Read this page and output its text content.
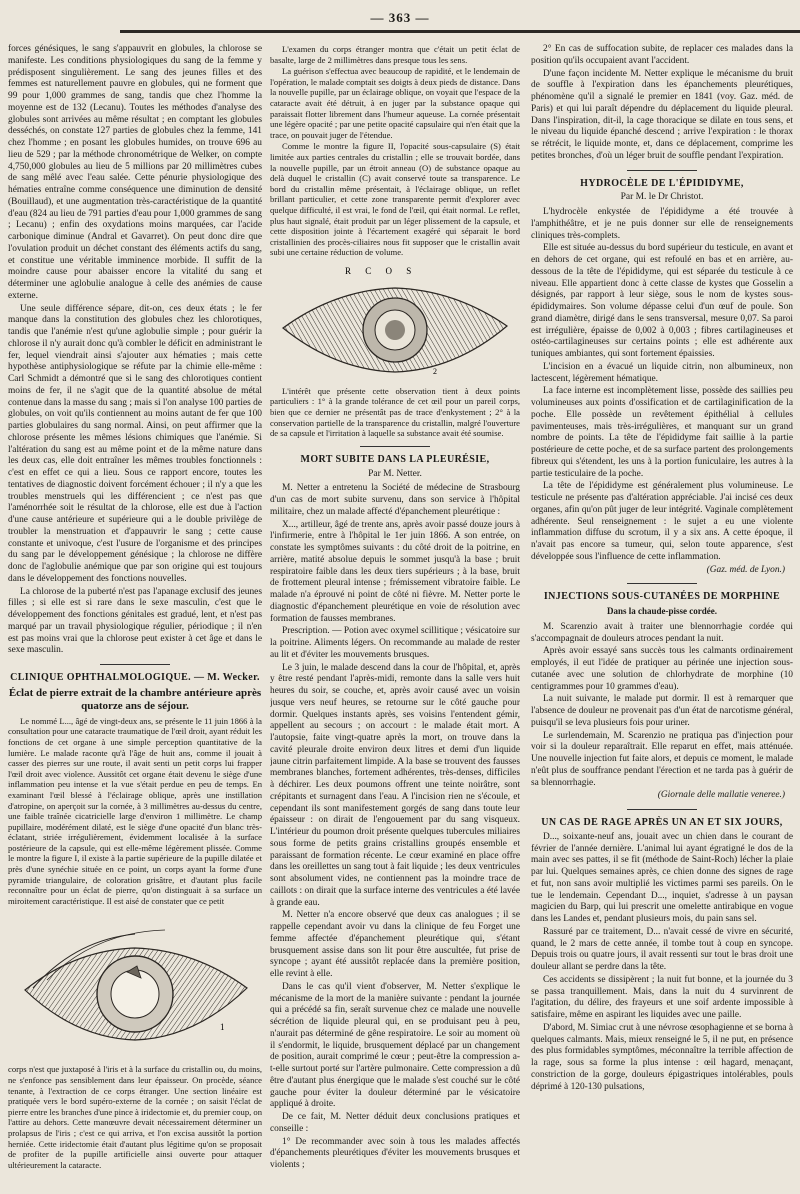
— 363 —

forces génésiques, le sang s'appauvrit en globules, la chlorose se manifeste. Les conditions physiologiques du sang de la femme y prédisposent singulièrement. Le sang des jeunes filles et des femmes est naturellement pauvre en globules, qui ne forment que 99 pour 1,000 grammes de sang, tandis que chez l'homme la moyenne est de 132 (Lecanu). Toutes les méthodes d'analyse des globules sont arrivées au même résultat ; en comptant les globules desséchés, on constate 127 parties de globules chez la femme, 141 chez l'homme ; en posant les globules humides, on trouve 696 au lieu de 529 ; par la méthode chronométrique de Welker, on compte 4,750,000 globules au lieu de 5 millions par 20 millimètres cubes de sang mêlé avec l'eau salée. Cette pénurie physiologique des hématies entraîne comme conséquence une diminution de densité (Bouillaud), et une augmentation très-caractéristique de la quantité d'eau (824 au lieu de 791 parties d'eau pour 1,000 grammes de sang ; Lecanu) ; enfin des oxydations moins marquées, car l'acide carbonique diminue (Andral et Gavarret). On peut donc dire que l'ovulation produit un déchet constant des éléments actifs du sang, et constitue une véritable imminence morbide. Il suffit de la moindre cause pour abaisser encore la vitalité du sang et déterminer une aglobulie analogue à celle des anémies de cause externe.

Une seule différence sépare, dit-on, ces deux états ; le fer manque dans la constitution des globules chez les chlorotiques, tandis que l'anémie n'est qu'une aglobulie simple ; pour guérir la chlorose il n'y aurait donc qu'à combler le déficit en administrant le fer, lequel viendrait ainsi s'ajouter aux hématies ; mais cette hypothèse antiphysiologique se réfute par la chimie elle-même : Carl Schmidt a démontré que si le sang des chlorotiques contient moins de fer, il ne s'agit que de la quantité absolue de métal contenue dans la masse du sang ; mais si l'on analyse 100 parties de globules, on voit qu'ils contiennent au moins autant de fer que 100 parties globulaires du sang normal. Ainsi, on peut affirmer que la chlorose présente les mêmes lésions chimiques que l'anémie. Si l'altération du sang est au même point et de la même nature dans les deux cas, elle doit entraîner les mêmes troubles fonctionnels : c'est en effet ce qui a lieu. Sous ce rapport encore, toutes les tentatives de diagnostic doivent forcément échouer ; il n'y a que les troubles menstruels qui les différencient ; ce n'est pas que l'aménorrhée soit le résultat de la chlorose, elle est due à l'action d'une cause antérieure et supérieure qui a le double privilège de troubler la menstruation et d'appauvrir le sang ; cette cause constante et univoque, c'est l'usure de l'organisme et des principes du sang par le développement génésique ; la chlorose ne diffère donc de l'aglobulie anémique que par son origine qui est toujours dans le développement des fonctions nouvelles.

La chlorose de la puberté n'est pas l'apanage exclusif des jeunes filles ; si elle est si rare dans le sexe masculin, c'est que le développement des fonctions génitales est gradué, lent, et n'est pas marqué par un travail physiologique régulier, périodique ; il n'en est pas moins vrai que la chlorose peut exister à cet âge et dans le sexe masculin.

CLINIQUE OPHTHALMOLOGIQUE. — M. Wecker.
Éclat de pierre extrait de la chambre antérieure après quatorze ans de séjour.

Le nommé L..., âgé de vingt-deux ans, se présente le 11 juin 1866 à la consultation pour une cataracte traumatique de l'œil droit, ayant réduit les fonctions de cet organe à une simple perception quantitative de la lumière. Le malade raconte qu'à l'âge de huit ans, comme il jouait à casser des pierres sur une route, il avait senti un petit corps lui frapper l'œil droit avec violence. Aussitôt cet organe était devenu le siège d'une inflammation peu intense et la vue s'était perdue en peu de temps. En examinant l'œil blessé à l'éclairage oblique, après une instillation d'atropine, on aperçoit sur la cornée, à 3 millimètres au-dessus du centre, une faible traînée cicatricielle large d'environ 1 millimètre. Le champ pupillaire, modérément dilaté, est le siège d'une opacité d'un blanc très-éclatant, striée irrégulièrement, évidemment localisée à la surface postérieure de la capsule, qui est elle-même légèrement plissée. Comme le montre la figure I, il existe à la partie supérieure de la pupille dilatée et près d'une synéchie située en ce point, un corps ayant la forme d'une pyramide triangulaire, de coloration grisâtre, et d'autant plus facile reconnaître pour un éclat de pierre, qu'on distinguait à sa surface un miroitement caractéristique. Il est aisé de constater que ce petit

1

corps n'est que juxtaposé à l'iris et à la surface du cristallin ou, du moins, ne s'enfonce pas sensiblement dans leur épaisseur. On procède, séance tenante, à l'extraction de ce corps étranger. Une section linéaire est pratiquée vers le bord supéro-externe de la cornée ; on saisit l'éclat de pierre entre les branches d'une pince à iridectomie et, du premier coup, on l'attire au dehors. Cette manœuvre devait nécessairement déterminer un prolapsus de l'iris ; c'est ce qui arriva, et l'on excisa aussitôt la portion herniée. Cette iridectomie était d'autant plus légitime qu'on se proposait de profiter de la pupille artificielle ainsi ouverte pour attaquer ultérieurement la cataracte.

L'examen du corps étranger montra que c'était un petit éclat de basalte, large de 2 millimètres dans presque tous les sens.

La guérison s'effectua avec beaucoup de rapidité, et le lendemain de l'opération, le malade comptait ses doigts à deux pieds de distance. Dans la nouvelle pupille, par un éclairage oblique, on voyait que l'espace de la cataracte avait été détruit, à en juger par la substance opaque qui paraissait flotter librement dans l'humeur aqueuse. La cornée présentait une légère opacité ; par une petite opacité capsulaire qui n'en était que la trace, on pouvait juger de l'étendue.

Comme le montre la figure II, l'opacité sous-capsulaire (S) était limitée aux parties centrales du cristallin ; elle se trouvait bordée, dans la nouvelle pupille, par un étroit anneau (O) de substance opaque au delà duquel le cristallin (C) avait conservé toute sa transparence. Le bord du cristallin même présentait, à l'éclairage oblique, un reflet brillant particulier, et cette zone transparente permit d'explorer avec quelque difficulté, il est vrai, le fond de l'œil, qui était normal. Le reflet, plus haut signalé, était produit par un léger plissement de la capsule, et cette disposition jointe à l'écartement exagéré qui séparait le bord cristallinien des procès-ciliaires nous fit supposer que le cristallin avait subi une certaine réduction de volume.

R C O S
2

L'intérêt que présente cette observation tient à deux points particuliers : 1° à la grande tolérance de cet œil pour un pareil corps, bien que ce dernier ne présentât pas de trace d'enkystement ; 2° à la conservation partielle de la transparence du cristallin, malgré l'ouverture de sa capsule et l'irritation à laquelle sa substance avait été soumise.

MORT SUBITE DANS LA PLEURÉSIE,
Par M. Netter.

M. Netter a entretenu la Société de médecine de Strasbourg d'un cas de mort subite survenu, dans son service à l'hôpital militaire, chez un malade affecté d'épanchement pleurétique :

X..., artilleur, âgé de trente ans, après avoir passé douze jours à l'infirmerie, entre à l'hôpital le 1er juin 1866. A son entrée, on constate les symptômes suivants : du côté droit de la poitrine, en arrière, matité absolue depuis le sommet jusqu'à la base ; bruit respiratoire faible dans les deux tiers supérieurs ; à la base, bruit de frottement pleural intense ; frémissement vibratoire faible. Le malade n'a éprouvé ni point de côté ni fièvre. M. Netter porte le diagnostic d'épanchement pleurétique en voie de résolution avec formation de fausses membranes.

Prescription. — Potion avec oxymel scillitique ; vésicatoire sur la poitrine. Aliments légers. On recommande au malade de rester au lit et d'éviter les mouvements brusques.

Le 3 juin, le malade descend dans la cour de l'hôpital, et, après y être resté pendant l'après-midi, remonte dans la salle vers huit heures du soir, se couche, et, après avoir causé avec un voisin jusque vers neuf heures, se retourne sur le côté gauche pour dormir. Quelques instants après, ses voisins l'entendent gémir, appellent au secours ; on accourt : le malade était mort. A l'autopsie, faite vingt-quatre après la mort, on trouve dans la cavité pleurale droite environ deux litres et demi d'un liquide jaune citrin parfaitement limpide. A la base se trouvent des fausses membranes blanches, fortement adhérentes, très-denses, difficiles à déchirer. Les deux poumons offrent une teinte noirâtre, sont crépitants et surnagent dans l'eau. A l'incision rien ne s'écoule, et cependant ils sont manifestement gorgés de sang dans toute leur épaisseur : on dirait de l'engouement par du sang visqueux. L'intérieur du poumon droit présente quelques tubercules miliaires sous forme de petits grains cristallins groupés ensemble et paraissant de formation récente. Le cœur examiné en place offre dans les oreillettes un sang tout à fait liquide ; les deux ventricules sont absolument vides, ne contiennent pas la moindre trace de caillots : on dirait que la surface interne des ventricules a été lavée à grande eau.

M. Netter n'a encore observé que deux cas analogues ; il se rappelle cependant avoir vu dans la clinique de feu Forget une femme affectée d'épanchement pleurétique qui, s'étant brusquement assise dans son lit pour être auscultée, fut prise de syncope ; ayant été aussitôt replacée dans la première position, elle revint à elle.

Dans le cas qu'il vient d'observer, M. Netter s'explique le mécanisme de la mort de la manière suivante : pendant la journée qui a précédé sa fin, seraît survenue chez ce malade une nouvelle sécrétion de liquide pleural qui, en se produisant peu à peu, n'aurait pas déterminé de gêne respiratoire. Le soir au moment où il s'endormit, le liquide, brusquement déplacé par un changement de position, aurait comprimé le cœur ; peut-être la compression a-t-elle surtout porté sur l'artère pulmonaire. Cette compression a dû être d'autant plus énergique que le malade s'est couché sur le côté gauche pour éviter la douleur déterminé par le vésicatoire appliqué à droite.

De ce fait, M. Netter déduit deux conclusions pratiques et conseille :

1° De recommander avec soin à tous les malades affectés d'épanchements pleurétiques d'éviter les mouvements brusques et violents ;

2° En cas de suffocation subite, de replacer ces malades dans la position qu'ils occupaient avant l'accident.

D'une façon incidente M. Netter explique le mécanisme du bruit de souffle à l'expiration dans les épanchements pleurétiques, phénomène qu'il a signalé le premier en 1841 (voy. Gaz. méd. de Paris) et qui lui paraît dépendre du déplacement du liquide pleural. Dans l'inspiration, dit-il, la cage thoracique se dilate en tous sens, et le niveau du liquide épanché descend ; arrive l'expiration : le thorax se rétrécit, le liquide monte, et, dans ce déplacement, comprime les petites bronches, d'où un léger bruit de souffle pendant l'expiration.

HYDROCÈLE DE L'ÉPIDIDYME,
Par M. le Dr Christot.

L'hydrocèle enkystée de l'épididyme a été trouvée à l'amphithéâtre, et je ne puis donner sur elle de renseignements cliniques très-complets.

Elle est située au-dessus du bord supérieur du testicule, en avant et en dehors de cet organe, qui est refoulé en bas et en arrière, au-dessous de la tête de l'épididyme, qui est séparée du testicule à ce niveau. Elle appartient donc à cette classe de kystes que Gosselin a désignés, par rapport à leur siège, sous le nom de kystes sous-épididymaires. Son volume dépasse celui d'un œuf de poule. Son grand diamètre, dirigé dans le sens transversal, mesure 0,07. Sa paroi est irrégulière, épaisse de 0,002 à 0,003 ; fibres cartilagineuses et ostéo-cartilagineuses sur certains points ; elle est adhérente aux tuniques ambiantes, qui sont fortement épaissies.

L'incision en a évacué un liquide citrin, non albumineux, non lactescent, légèrement hématique.

La face interne est incomplètement lisse, possède des saillies peu volumineuses aux points d'ossification et de cartilaginification de la poche. Elle possède un revêtement épithélial à cellules pavimenteuses, mais très-irrégulières, et manquant sur un grand nombre de points. La tête de l'épididyme fait saillie à la partie postérieure de cette poche, et de sa surface partent des prolongements fibreux qui s'étendent, les uns à la portion funiculaire, les autres à la partie testiculaire de la poche.

La tête de l'épididyme est généralement plus volumineuse. Le testicule ne présente pas d'altération appréciable. J'ai incisé ces deux organes, afin qu'on pût juger de leur intégrité. Vaginale complètement adhérente. Seul renseignement : le sujet a eu une violente inflammation diffuse du scrotum, il y a six ans. A cette époque, il n'avait pas encore sa tumeur, qui, selon toute apparence, s'est développée sous l'influence de cette inflammation.

(Gaz. méd. de Lyon.)
INJECTIONS SOUS-CUTANÉES DE MORPHINE
Dans la chaude-pisse cordée.

M. Scarenzio avait à traiter une blennorrhagie cordée qui s'accompagnait de douleurs atroces pendant la nuit.

Après avoir essayé sans succès tous les calmants ordinairement employés, il eut l'idée de pratiquer au périnée une injection sous-cutanée avec une solution de chlorhydrate de morphine (10 centigrammes pour 10 grammes d'eau).

La nuit suivante, le malade put dormir. Il est à remarquer que l'absence de douleur ne provenait pas d'un état de narcotisme général, puisqu'il se leva plusieurs fois pour uriner.

Le surlendemain, M. Scarenzio ne pratiqua pas d'injection pour voir si la douleur reparaîtrait. Elle reparut en effet, mais atténuée. Une nouvelle injection fut faite alors, et depuis ce moment, le malade n'eût plus de souffrance pendant l'érection et ne tarda pas à guérir de sa blennorrhagie.

(Giornale delle mallatie veneree.)
UN CAS DE RAGE APRÈS UN AN ET SIX JOURS,

D..., soixante-neuf ans, jouait avec un chien dans le courant de février de l'année dernière. L'animal lui ayant égratigné le dos de la main avec ses pattes, il se fit (méthode de Saint-Roch) lécher la plaie par lui. Quelques semaines après, ce chien donne des signes de rage et fut, non sans avoir multiplié les victimes parmi ses pareils. On le tue le lendemain. Cependant D..., inquiet, s'adresse à un paysan magicien du Barp, qui lui prescrit une omelette antirabique en vogue dans les Landes et, pendant plusieurs mois, du pain sans sel.

Rassuré par ce traitement, D... n'avait cessé de vivre en sécurité, quand, le 2 mars de cette année, il tombe tout à coup en syncope. Depuis trois ou quatre jours, il avait ressenti sur tout le bras droit une douleur allant se perdre dans la tête.

Ces accidents se dissipèrent ; la nuit fut bonne, et la journée du 3 se passa tranquillement. Mais, dans la nuit du 4 survinrent de l'agitation, du délire, des frayeurs et une soif ardente impossible à satisfaire, même en aspirant les liquides avec une paille.

D'abord, M. Simiac crut à une névrose œsophagienne et se borna à quelques calmants. Mais, mieux renseigné le 5, il ne put, en présence des plus formidables symptômes, méconnaître la terrible affection de la rage, sous sa forme la plus intense : œil hagard, menaçant, constriction de la gorge, douleurs épigastriques intolérables, pouls déprimé à 120-130 pulsations,
